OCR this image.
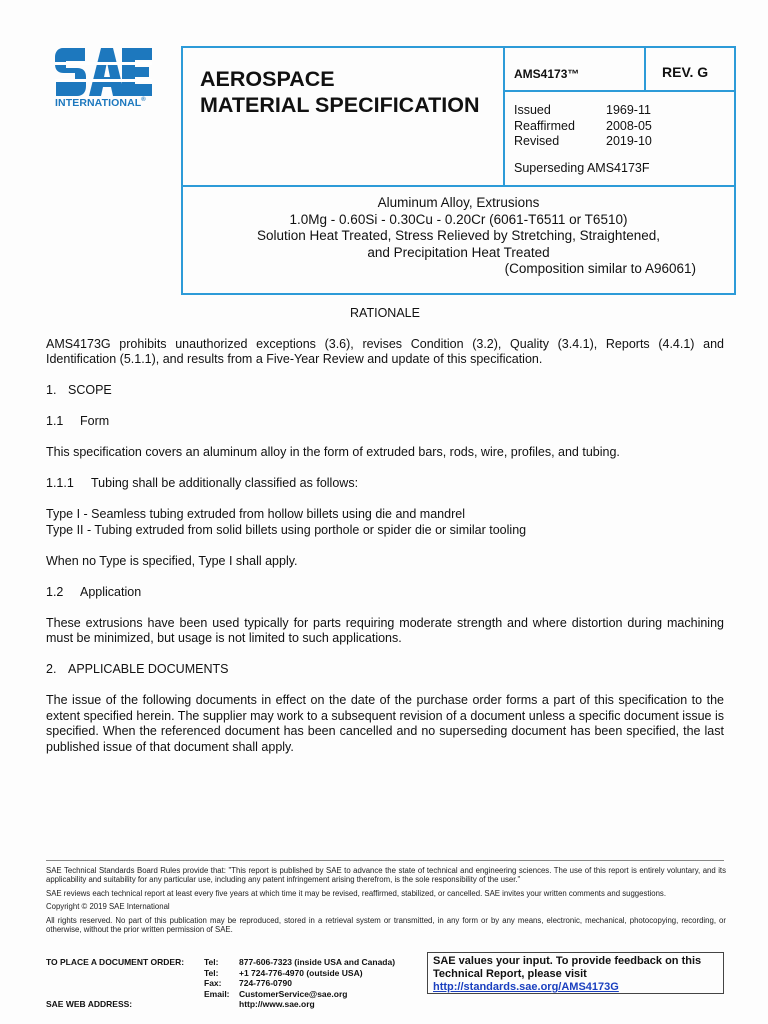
INTERNATIONAL®
AEROSPACE
MATERIAL SPECIFICATION
AMS4173™	REV. G
Issued	1969-11
Reaffirmed 2008-05
Revised	2019-10
Superseding AMS4173F
Aluminum Alloy, Extrusions
1.0Mg - 0.60Si - 0.30Cu - 0.20Cr (6061-T6511 or T6510)
Solution Heat Treated, Stress Relieved by Stretching, Straightened,
and Precipitation Heat Treated
(Composition similar to A96061)
RATIONALE

AMS4173G prohibits unauthorized exceptions (3.6), revises Condition (3.2), Quality (3.4.1), Reports (4.4.1) and Identification (5.1.1), and results from a Five-Year Review and update of this specification.

1. SCOPE
1.1 Form

This specification covers an aluminum alloy in the form of extruded bars, rods, wire, profiles, and tubing.

1.1.1 Tubing shall be additionally classified as follows:

Type I - Seamless tubing extruded from hollow billets using die and mandrel

Type II - Tubing extruded from solid billets using porthole or spider die or similar tooling

When no Type is specified, Type I shall apply.

1.2 Application

These extrusions have been used typically for parts requiring moderate strength and where distortion during machining must be minimized, but usage is not limited to such applications.

2. APPLICABLE DOCUMENTS

The issue of the following documents in effect on the date of the purchase order forms a part of this specification to the extent specified herein. The supplier may work to a subsequent revision of a document unless a specific document issue is specified. When the referenced document has been cancelled and no superseding document has been specified, the last published issue of that document shall apply.

SAE Technical Standards Board Rules provide that: "This report is published by SAE to advance the state of technical and engineering sciences. The use of this report is entirely voluntary, and its applicability and suitability for any particular use, including any patent infringement arising therefrom, is the sole responsibility of the user."

SAE reviews each technical report at least every five years at which time it may be revised, reaffirmed, stabilized, or cancelled. SAE invites your written comments and suggestions.

Copyright © 2019 SAE International

All rights reserved. No part of this publication may be reproduced, stored in a retrieval system or transmitted, in any form or by any means, electronic, mechanical, photocopying, recording, or otherwise, without the prior written permission of SAE.

TO PLACE A DOCUMENT ORDER: Tel: 877-606-7323 (inside USA and Canada)
Tel: +1 724-776-4970 (outside USA)
Fax: 724-776-0790
Email: CustomerService@sae.org
SAE WEB ADDRESS:	http://www.sae.org
SAE values your input. To provide feedback on this
Technical Report, please visit
http://standards.sae.org/AMS4173G
